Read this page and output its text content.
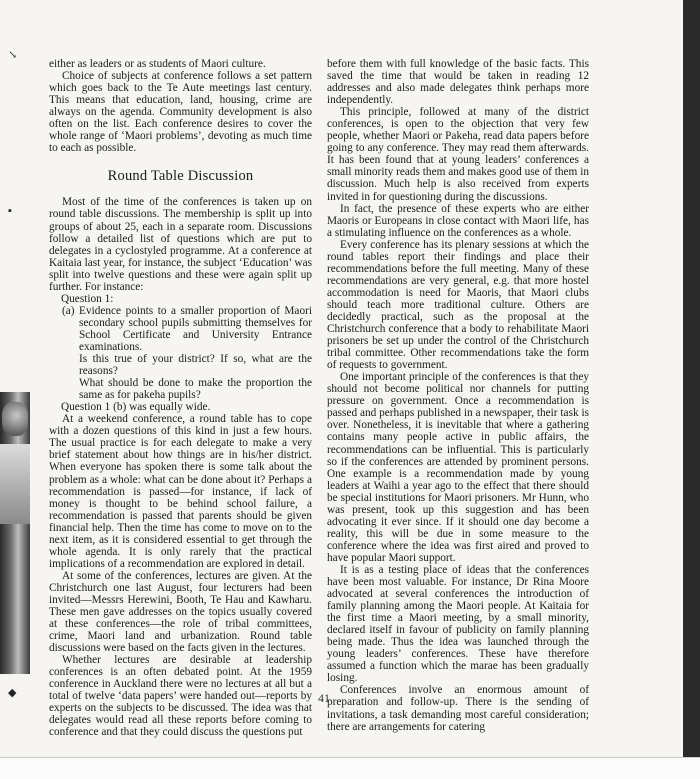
↘
▪
◆

either as leaders or as students of Maori culture.

Choice of subjects at conference follows a set pattern which goes back to the Te Aute meetings last century. This means that education, land, housing, crime are always on the agenda. Community development is also often on the list. Each conference desires to cover the whole range of ‘Maori problems’, devoting as much time to each as possible.

Round Table Discussion

Most of the time of the conferences is taken up on round table discussions. The membership is split up into groups of about 25, each in a separate room. Discussions follow a detailed list of questions which are put to delegates in a cyclostyled programme. At a conference at Kaitaia last year, for instance, the subject ‘Education’ was split into twelve questions and these were again split up further. For instance:

Question 1:

(a) Evidence points to a smaller proportion of Maori secondary school pupils submitting themselves for School Certificate and University Entrance examinations.

Is this true of your district? If so, what are the reasons?

What should be done to make the proportion the same as for pakeha pupils?

Question 1 (b) was equally wide.

At a weekend conference, a round table has to cope with a dozen questions of this kind in just a few hours. The usual practice is for each delegate to make a very brief statement about how things are in his/her district. When everyone has spoken there is some talk about the problem as a whole: what can be done about it? Perhaps a recommendation is passed—for instance, if lack of money is thought to be behind school failure, a recommendation is passed that parents should be given financial help. Then the time has come to move on to the next item, as it is considered essential to get through the whole agenda. It is only rarely that the practical implications of a recommendation are explored in detail.

At some of the conferences, lectures are given. At the Christchurch one last August, four lecturers had been invited—Messrs Herewini, Booth, Te Hau and Kawharu. These men gave addresses on the topics usually covered at these conferences—the role of tribal committees, crime, Maori land and urbanization. Round table discussions were based on the facts given in the lectures.

Whether lectures are desirable at leadership conferences is an often debated point. At the 1959 conference in Auckland there were no lectures at all but a total of twelve ‘data papers’ were handed out—reports by experts on the subjects to be discussed. The idea was that delegates would read all these reports before coming to conference and that they could discuss the questions put

before them with full knowledge of the basic facts. This saved the time that would be taken in reading 12 addresses and also made delegates think perhaps more independently.

This principle, followed at many of the district conferences, is open to the objection that very few people, whether Maori or Pakeha, read data papers before going to any conference. They may read them afterwards. It has been found that at young leaders’ conferences a small minority reads them and makes good use of them in discussion. Much help is also received from experts invited in for questioning during the discussions.

In fact, the presence of these experts who are either Maoris or Europeans in close contact with Maori life, has a stimulating influence on the conferences as a whole.

Every conference has its plenary sessions at which the round tables report their findings and place their recommendations before the full meeting. Many of these recommendations are very general, e.g. that more hostel accommodation is need for Maoris, that Maori clubs should teach more traditional culture. Others are decidedly practical, such as the proposal at the Christchurch conference that a body to rehabilitate Maori prisoners be set up under the control of the Christchurch tribal committee. Other recommendations take the form of requests to government.

One important principle of the conferences is that they should not become political nor channels for putting pressure on government. Once a recommendation is passed and perhaps published in a newspaper, their task is over. Nonetheless, it is inevitable that where a gathering contains many people active in public affairs, the recommendations can be influential. This is particularly so if the conferences are attended by prominent persons. One example is a recommendation made by young leaders at Waihi a year ago to the effect that there should be special institutions for Maori prisoners. Mr Hunn, who was present, took up this suggestion and has been advocating it ever since. If it should one day become a reality, this will be due in some measure to the conference where the idea was first aired and proved to have popular Maori support.

It is as a testing place of ideas that the conferences have been most valuable. For instance, Dr Rina Moore advocated at several conferences the introduction of family planning among the Maori people. At Kaitaia for the first time a Maori meeting, by a small minority, declared itself in favour of publicity on family planning being made. Thus the idea was launched through the young leaders’ conferences. These have therefore assumed a function which the marae has been gradually losing.

Conferences involve an enormous amount of preparation and follow-up. There is the sending of invitations, a task demanding most careful consideration; there are arrangements for catering

41
